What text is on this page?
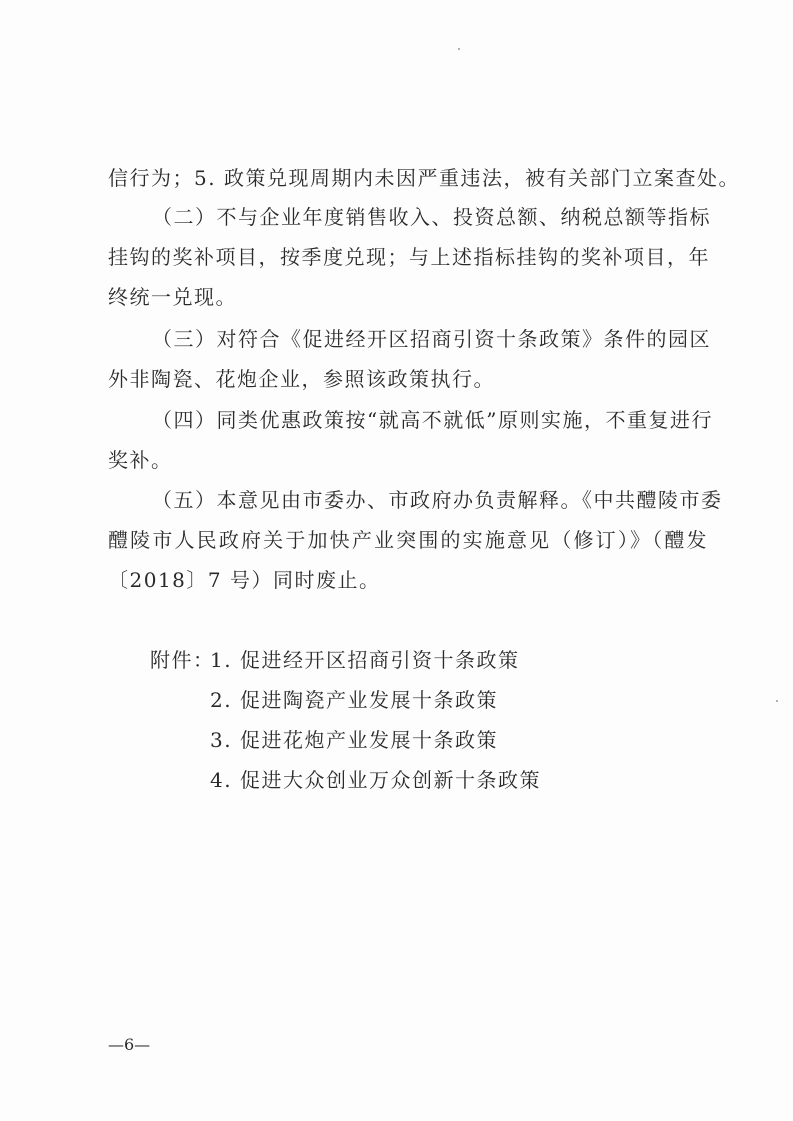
信行为；5. 政策兑现周期内未因严重违法，被有关部门立案查处。
（二）不与企业年度销售收入、投资总额、纳税总额等指标
挂钩的奖补项目，按季度兑现；与上述指标挂钩的奖补项目，年
终统一兑现。
（三）对符合《促进经开区招商引资十条政策》条件的园区
外非陶瓷、花炮企业，参照该政策执行。
（四）同类优惠政策按“就高不就低”原则实施，不重复进行
奖补。
（五）本意见由市委办、市政府办负责解释。《中共醴陵市委
醴陵市人民政府关于加快产业突围的实施意见（修订）》（醴发
〔2018〕7 号）同时废止。
附件：
1. 促进经开区招商引资十条政策
2. 促进陶瓷产业发展十条政策
3. 促进花炮产业发展十条政策
4. 促进大众创业万众创新十条政策
—6—
